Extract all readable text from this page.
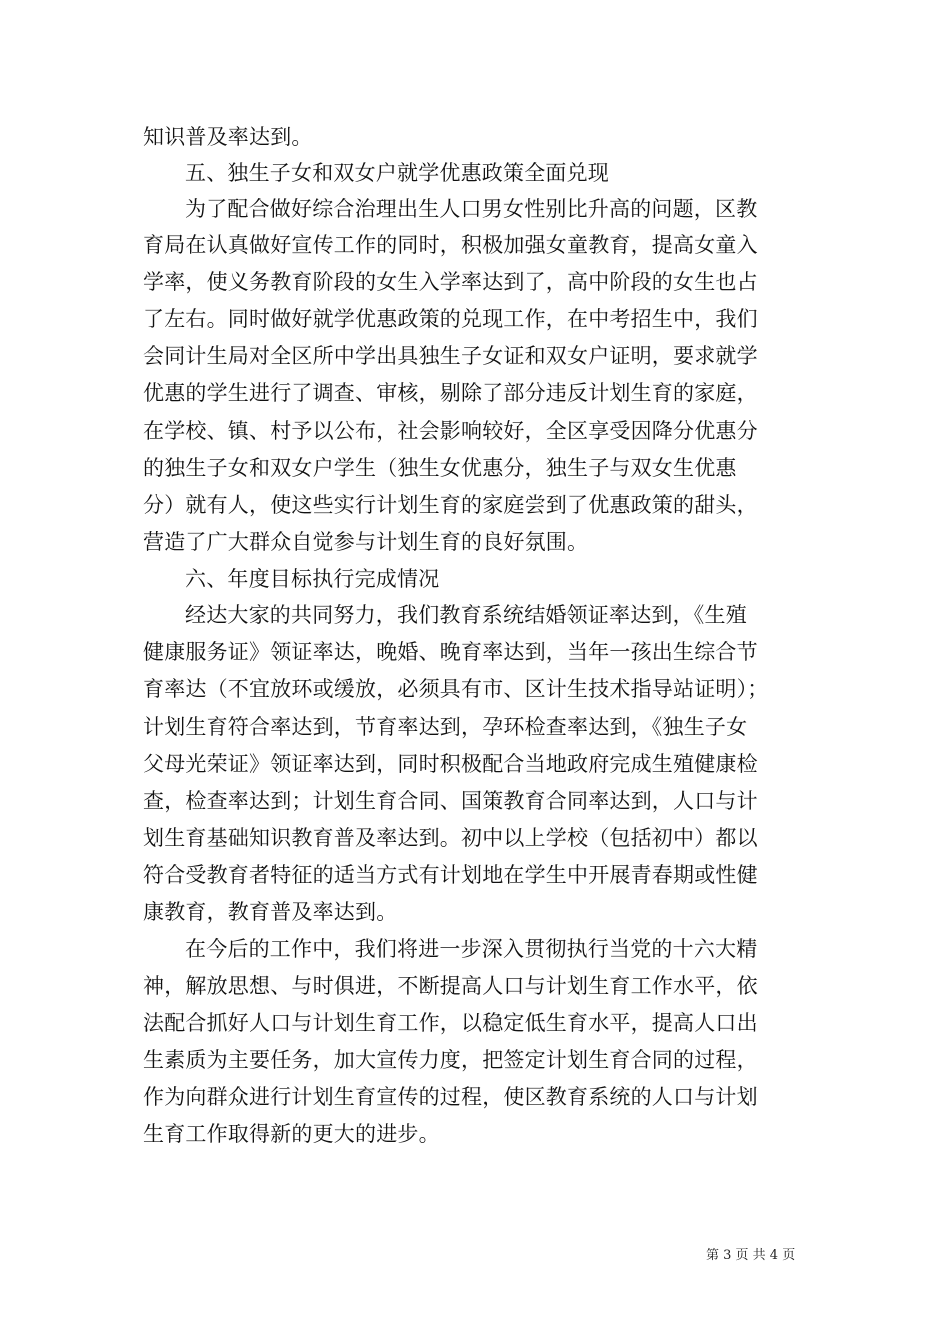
知识普及率达到。
五、独生子女和双女户就学优惠政策全面兑现
为了配合做好综合治理出生人口男女性别比升高的问题，区教
育局在认真做好宣传工作的同时，积极加强女童教育，提高女童入
学率，使义务教育阶段的女生入学率达到了，高中阶段的女生也占
了左右。同时做好就学优惠政策的兑现工作，在中考招生中，我们
会同计生局对全区所中学出具独生子女证和双女户证明，要求就学
优惠的学生进行了调查、审核，剔除了部分违反计划生育的家庭，
在学校、镇、村予以公布，社会影响较好，全区享受因降分优惠分
的独生子女和双女户学生（独生女优惠分，独生子与双女生优惠
分）就有人，使这些实行计划生育的家庭尝到了优惠政策的甜头，
营造了广大群众自觉参与计划生育的良好氛围。
六、年度目标执行完成情况
经达大家的共同努力，我们教育系统结婚领证率达到，《生殖
健康服务证》领证率达，晚婚、晚育率达到，当年一孩出生综合节
育率达（不宜放环或缓放，必须具有市、区计生技术指导站证明）；
计划生育符合率达到，节育率达到，孕环检查率达到，《独生子女
父母光荣证》领证率达到，同时积极配合当地政府完成生殖健康检
查，检查率达到；计划生育合同、国策教育合同率达到，人口与计
划生育基础知识教育普及率达到。初中以上学校（包括初中）都以
符合受教育者特征的适当方式有计划地在学生中开展青春期或性健
康教育，教育普及率达到。
在今后的工作中，我们将进一步深入贯彻执行当党的十六大精
神，解放思想、与时俱进，不断提高人口与计划生育工作水平，依
法配合抓好人口与计划生育工作，以稳定低生育水平，提高人口出
生素质为主要任务，加大宣传力度，把签定计划生育合同的过程，
作为向群众进行计划生育宣传的过程，使区教育系统的人口与计划
生育工作取得新的更大的进步。
第 3 页 共 4 页
